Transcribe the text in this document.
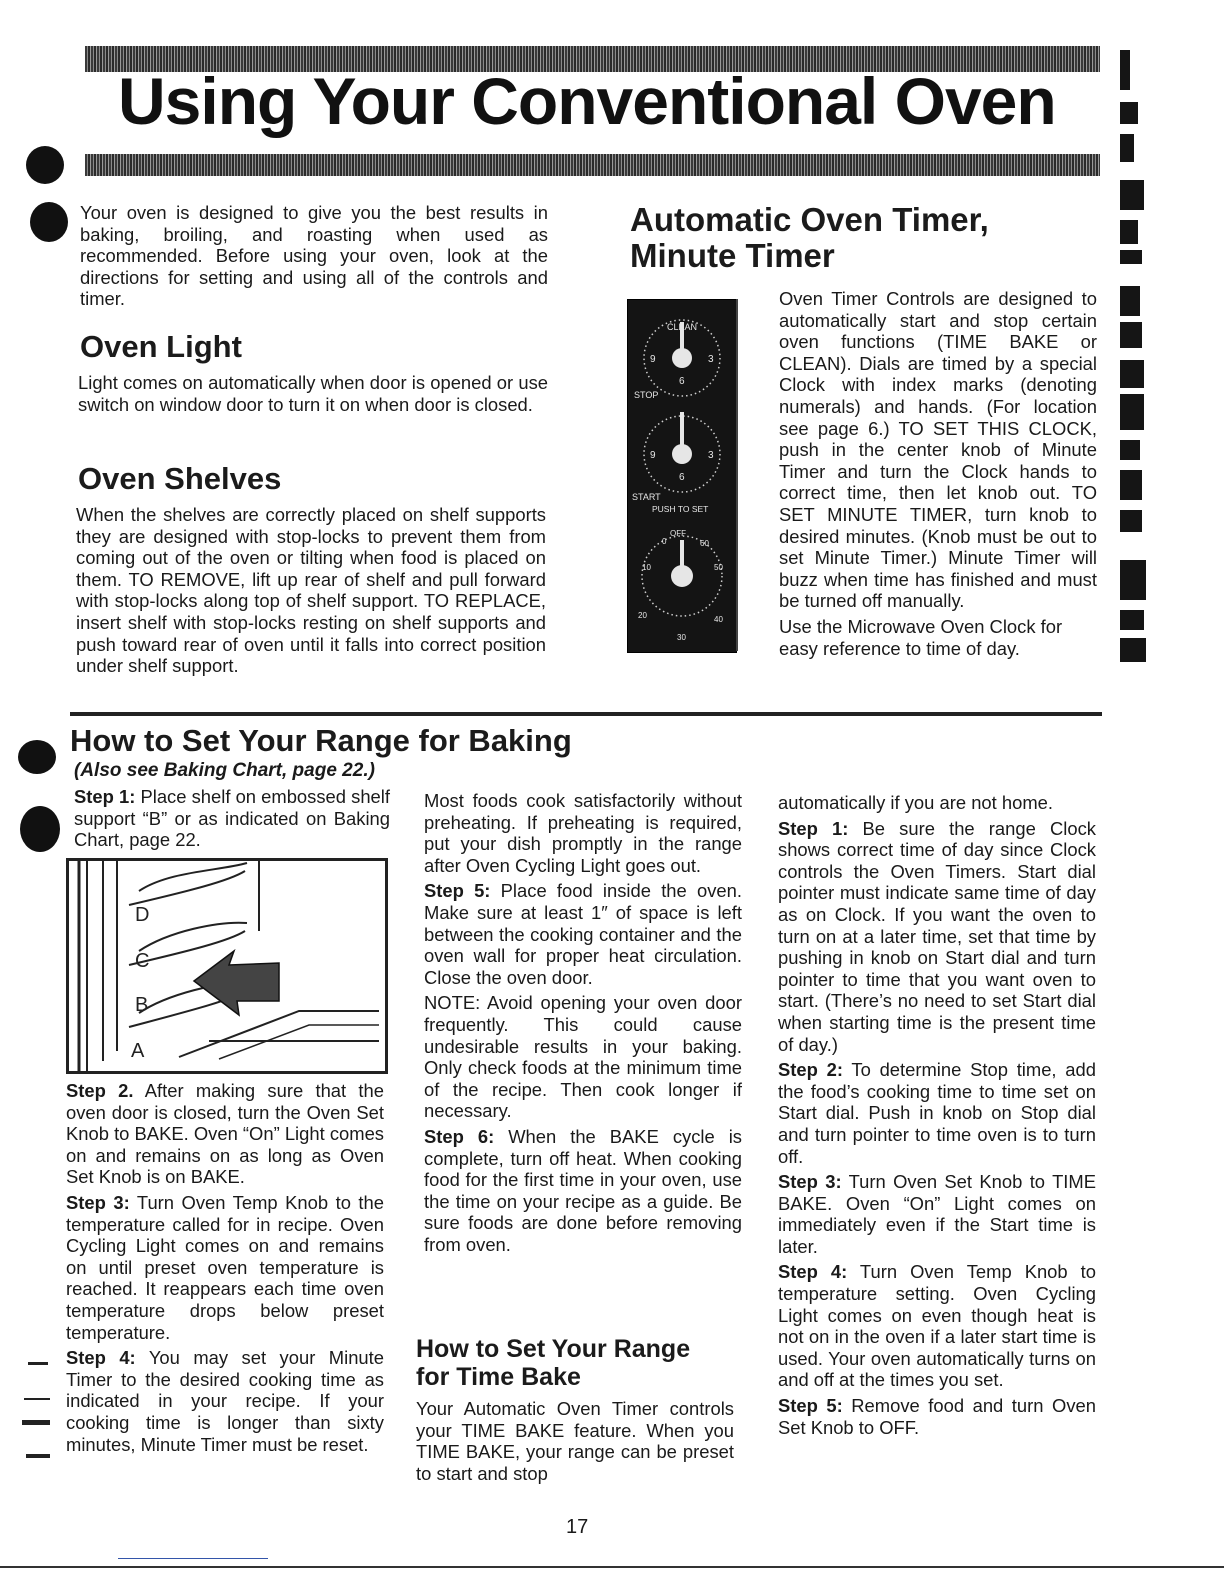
Using Your Conventional Oven

Your oven is designed to give you the best results in baking, broiling, and roasting when used as recommended. Before using your oven, look at the directions for setting and using all of the controls and timer.

Oven Light

Light comes on automatically when door is opened or use switch on window door to turn it on when door is closed.

Oven Shelves

When the shelves are correctly placed on shelf supports they are designed with stop-locks to prevent them from coming out of the oven or tilting when food is placed on them. TO REMOVE, lift up rear of shelf and pull forward with stop-locks along top of shelf support. TO REPLACE, insert shelf with stop-locks resting on shelf supports and push toward rear of oven until it falls into correct position under shelf support.

Automatic Oven Timer,
Minute Timer
CLEAN
9	3
6
STOP
9	3
6
START
PUSH TO SET
OFF
0	60
10	50
20	40
30

Oven Timer Controls are designed to automatically start and stop certain oven functions (TIME BAKE or CLEAN). Dials are timed by a special Clock with index marks (denoting numerals) and hands. (For location see page 6.) TO SET THIS CLOCK, push in the center knob of Minute Timer and turn the Clock hands to correct time, then let knob out. TO SET MINUTE TIMER, turn knob to desired minutes. (Knob must be out to set Minute Timer.) Minute Timer will buzz when time has finished and must be turned off manually.

Use the Microwave Oven Clock for easy reference to time of day.

How to Set Your Range for Baking
(Also see Baking Chart, page 22.)

Step 1: Place shelf on embossed shelf support “B” or as indicated on Baking Chart, page 22.

D
C
B
A

Step 2. After making sure that the oven door is closed, turn the Oven Set Knob to BAKE. Oven “On” Light comes on and remains on as long as Oven Set Knob is on BAKE.

Step 3: Turn Oven Temp Knob to the temperature called for in recipe. Oven Cycling Light comes on and remains on until preset oven temperature is reached. It reappears each time oven temperature drops below preset temperature.

Step 4: You may set your Minute Timer to the desired cooking time as indicated in your recipe. If your cooking time is longer than sixty minutes, Minute Timer must be reset.

Most foods cook satisfactorily without preheating. If preheating is required, put your dish promptly in the range after Oven Cycling Light goes out.

Step 5: Place food inside the oven. Make sure at least 1″ of space is left between the cooking container and the oven wall for proper heat circulation. Close the oven door.

NOTE: Avoid opening your oven door frequently. This could cause undesirable results in your baking. Only check foods at the minimum time of the recipe. Then cook longer if necessary.

Step 6: When the BAKE cycle is complete, turn off heat. When cooking food for the first time in your oven, use the time on your recipe as a guide. Be sure foods are done before removing from oven.

How to Set Your Range
for Time Bake

Your Automatic Oven Timer controls your TIME BAKE feature. When you TIME BAKE, your range can be preset to start and stop

automatically if you are not home.

Step 1: Be sure the range Clock shows correct time of day since Clock controls the Oven Timers. Start dial pointer must indicate same time of day as on Clock. If you want the oven to turn on at a later time, set that time by pushing in knob on Start dial and turn pointer to time that you want oven to start. (There’s no need to set Start dial when starting time is the present time of day.)

Step 2: To determine Stop time, add the food’s cooking time to time set on Start dial. Push in knob on Stop dial and turn pointer to time oven is to turn off.

Step 3: Turn Oven Set Knob to TIME BAKE. Oven “On” Light comes on immediately even if the Start time is later.

Step 4: Turn Oven Temp Knob to temperature setting. Oven Cycling Light comes on even though heat is not on in the oven if a later start time is used. Your oven automatically turns on and off at the times you set.

Step 5: Remove food and turn Oven Set Knob to OFF.

17
